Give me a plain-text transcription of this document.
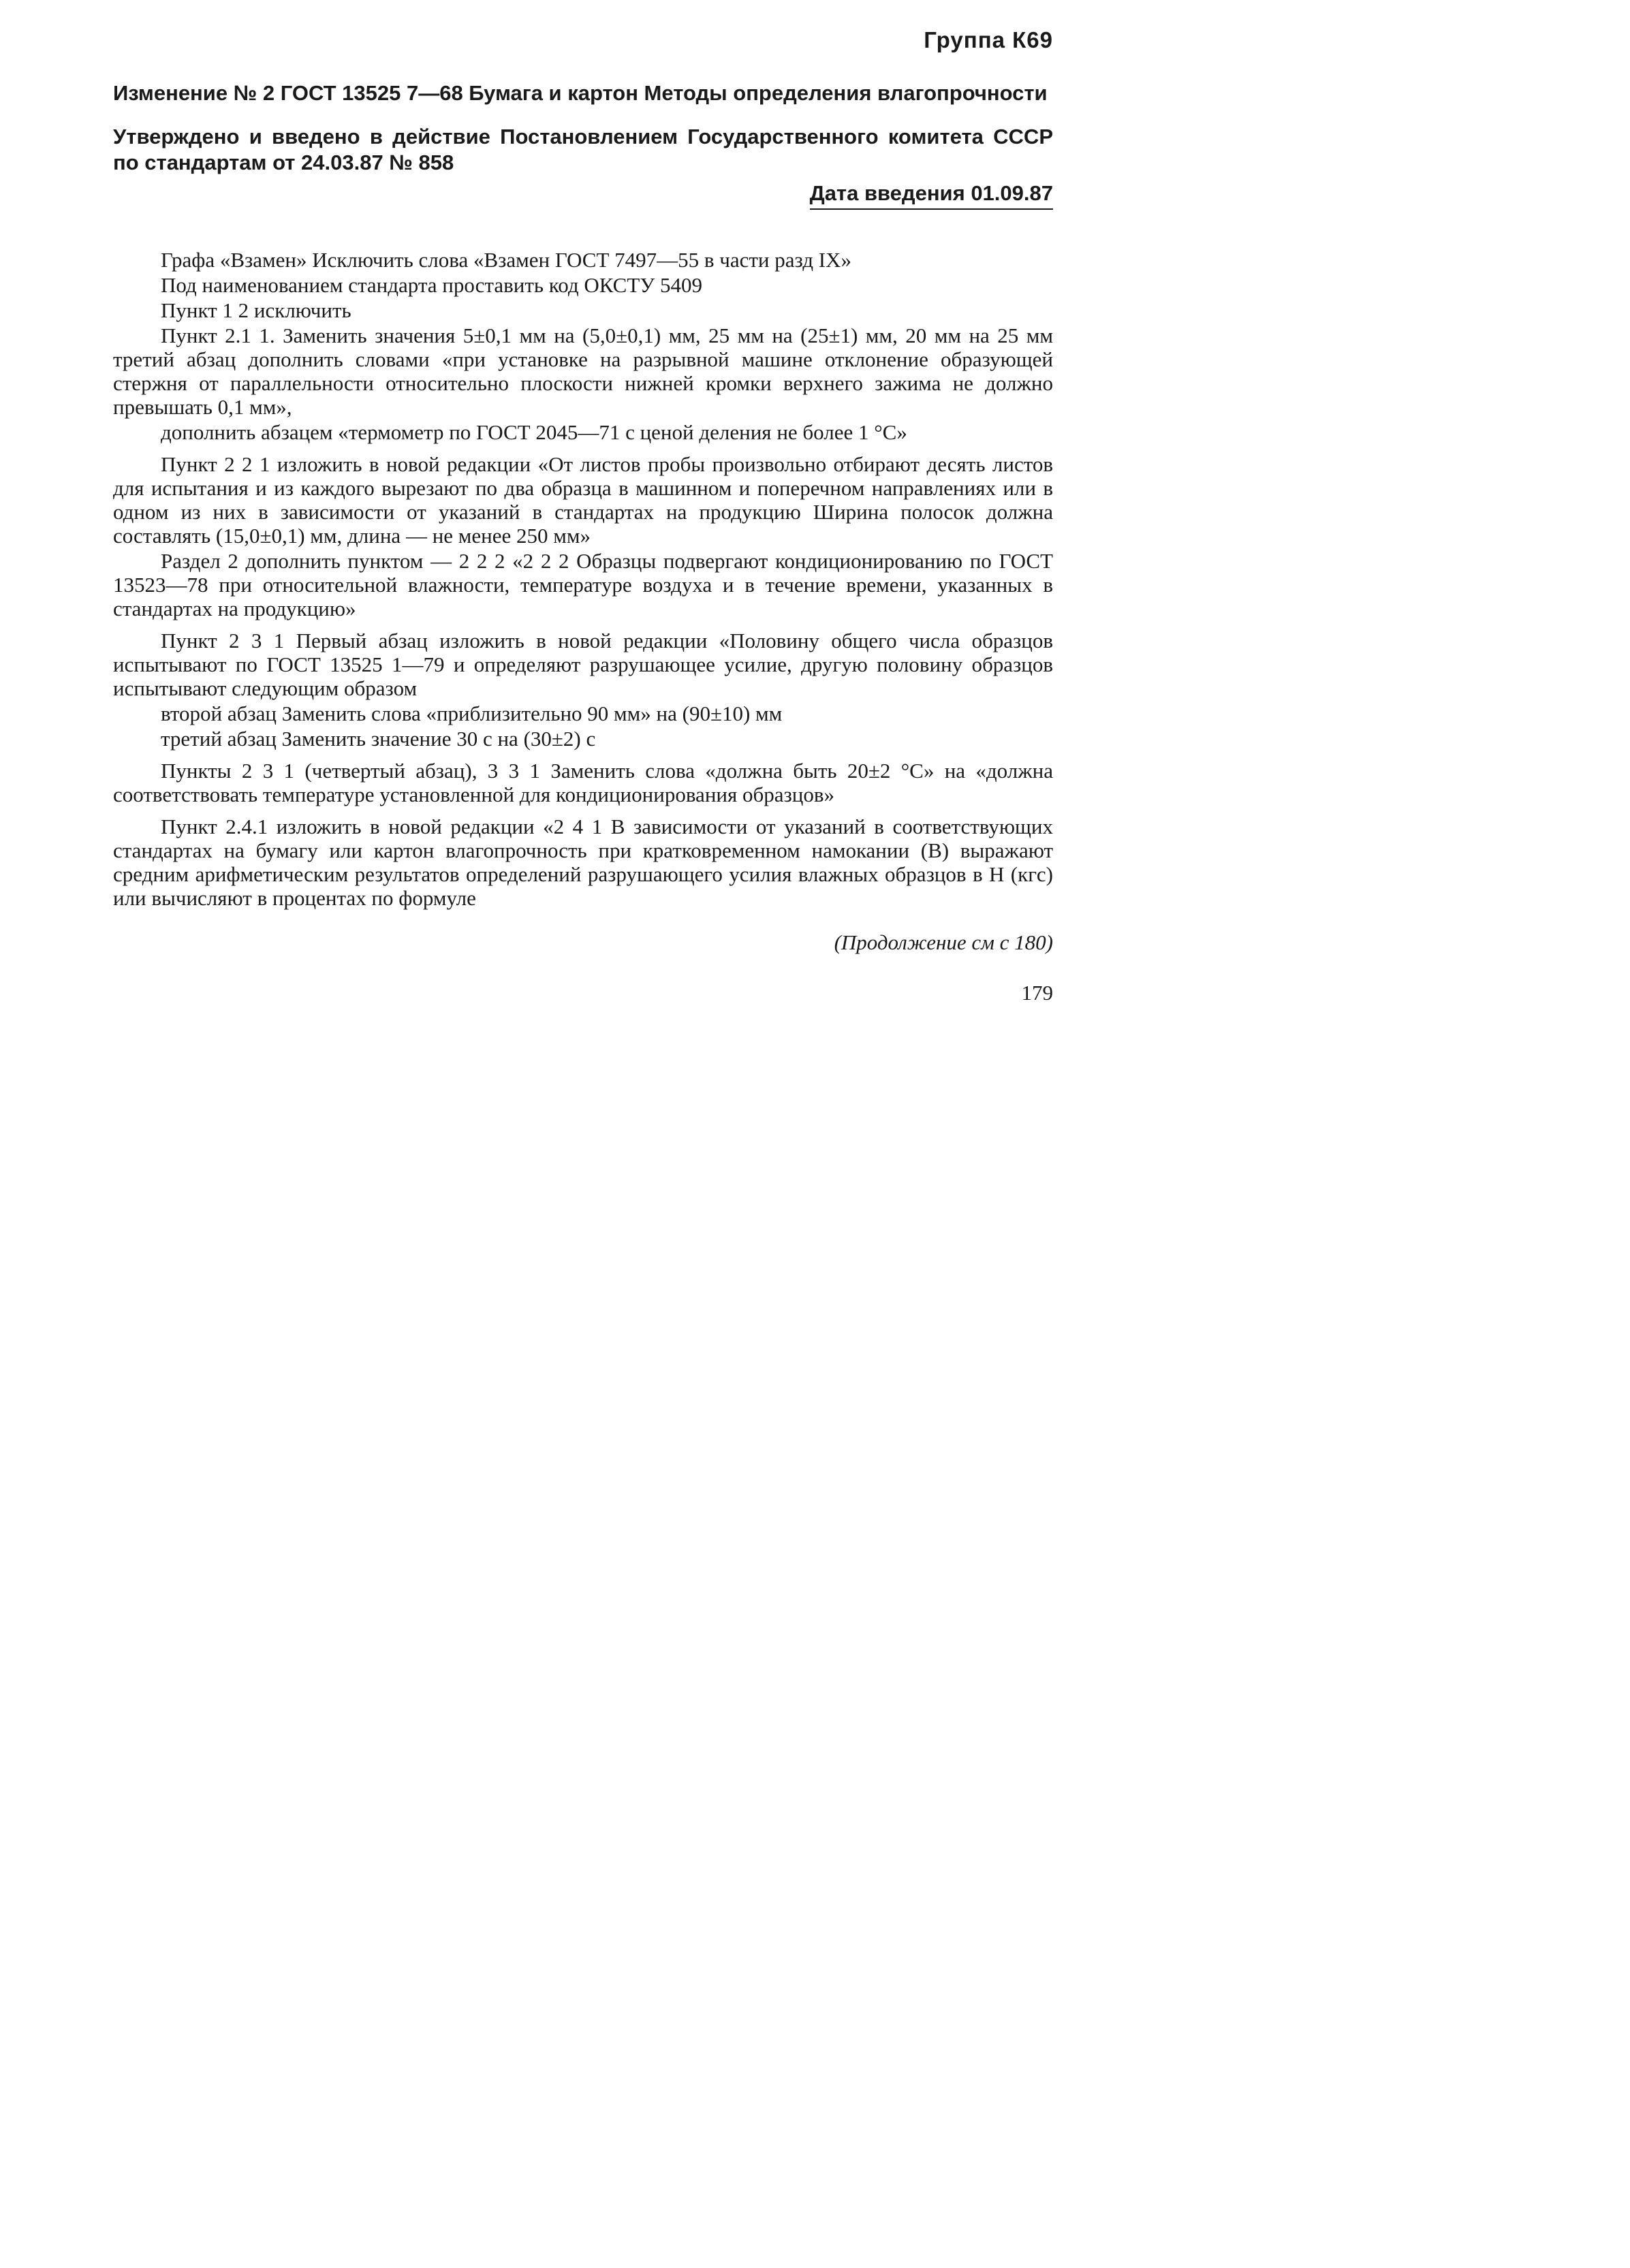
Группа К69
Изменение № 2 ГОСТ 13525 7—68 Бумага и картон Методы определения влагопрочности
Утверждено и введено в действие Постановлением Государственного комитета СССР по стандартам от 24.03.87 № 858
Дата введения 01.09.87

Графа «Взамен» Исключить слова «Взамен ГОСТ 7497—55 в части разд IX»

Под наименованием стандарта проставить код ОКСТУ 5409

Пункт 1 2 исключить

Пункт 2.1 1. Заменить значения 5±0,1 мм на (5,0±0,1) мм, 25 мм на (25±1) мм, 20 мм на 25 мм третий абзац дополнить словами «при установке на разрывной машине отклонение образующей стержня от параллельности относительно плоскости нижней кромки верхнего зажима не должно превышать 0,1 мм»,

дополнить абзацем «термометр по ГОСТ 2045—71 с ценой деления не более 1 °С»

Пункт 2 2 1 изложить в новой редакции «От листов пробы произвольно отбирают десять листов для испытания и из каждого вырезают по два образца в машинном и поперечном направлениях или в одном из них в зависимости от указаний в стандартах на продукцию Ширина полосок должна составлять (15,0±0,1) мм, длина — не менее 250 мм»

Раздел 2 дополнить пунктом — 2 2 2 «2 2 2 Образцы подвергают кондиционированию по ГОСТ 13523—78 при относительной влажности, температуре воздуха и в течение времени, указанных в стандартах на продукцию»

Пункт 2 3 1 Первый абзац изложить в новой редакции «Половину общего числа образцов испытывают по ГОСТ 13525 1—79 и определяют разрушающее усилие, другую половину образцов испытывают следующим образом

второй абзац Заменить слова «приблизительно 90 мм» на (90±10) мм

третий абзац Заменить значение 30 с на (30±2) с

Пункты 2 3 1 (четвертый абзац), 3 3 1 Заменить слова «должна быть 20±2 °С» на «должна соответствовать температуре установленной для кондиционирования образцов»

Пункт 2.4.1 изложить в новой редакции «2 4 1 В зависимости от указаний в соответствующих стандартах на бумагу или картон влагопрочность при кратковременном намокании (В) выражают средним арифметическим результатов определений разрушающего усилия влажных образцов в Н (кгс) или вычисляют в процентах по формуле

(Продолжение см с 180)
179
